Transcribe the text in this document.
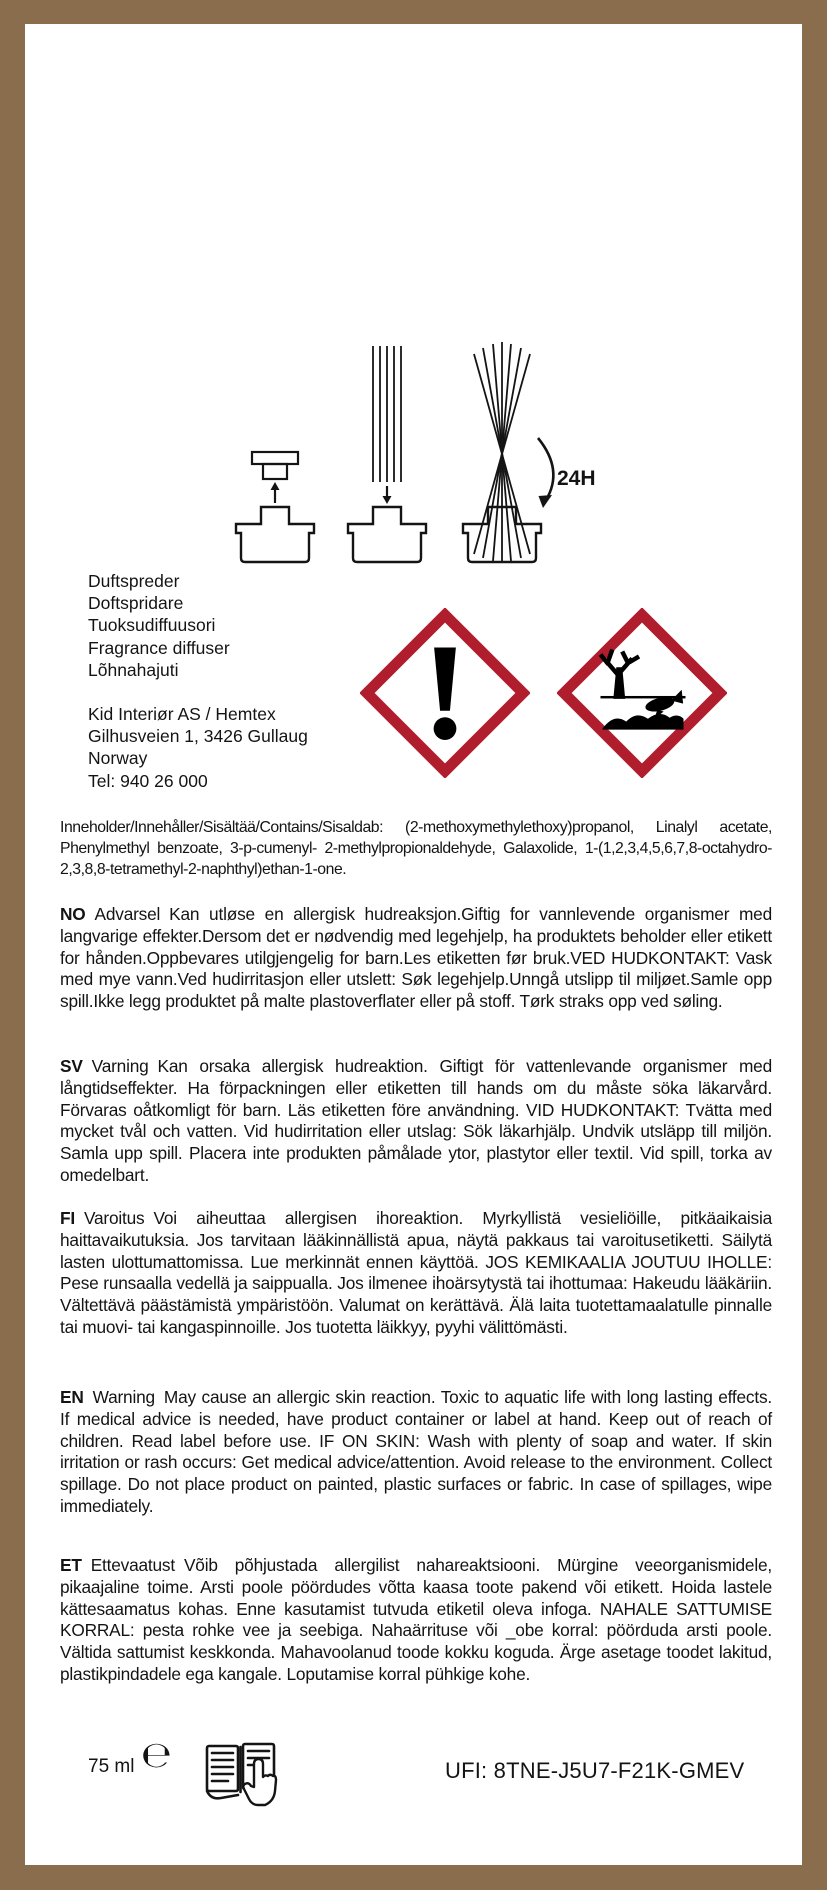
24H
Duftspreder
Doftspridare
Tuoksudiffuusori
Fragrance diffuser
Lõhnahajuti
Kid Interiør AS / Hemtex
Gilhusveien 1, 3426 Gullaug
Norway
Tel: 940 26 000

Inneholder/Innehåller/Sisältää/Contains/Sisaldab: (2-methoxymethylethoxy)propanol, Linalyl acetate, Phenylmethyl benzoate, 3-p-cumenyl- 2-methylpropionaldehyde, Galaxolide, 1-(1,2,3,4,5,6,7,8-octahydro-2,3,8,8-tetramethyl-2-naphthyl)ethan-1-one.

NO Advarsel Kan utløse en allergisk hudreaksjon.Giftig for vannlevende organismer med langvarige effekter.Dersom det er nødvendig med legehjelp, ha produktets beholder eller etikett for hånden.Oppbevares utilgjengelig for barn.Les etiketten før bruk.VED HUDKONTAKT: Vask med mye vann.Ved hudirritasjon eller utslett: Søk legehjelp.Unngå utslipp til miljøet.Samle opp spill.Ikke legg produktet på malte plastoverflater eller på stoff. Tørk straks opp ved søling.

SV Varning Kan orsaka allergisk hudreaktion. Giftigt för vattenlevande organismer med långtidseffekter. Ha förpackningen eller etiketten till hands om du måste söka läkarvård. Förvaras oåtkomligt för barn. Läs etiketten före användning. VID HUDKONTAKT: Tvätta med mycket tvål och vatten. Vid hudirritation eller utslag: Sök läkarhjälp. Undvik utsläpp till miljön. Samla upp spill. Placera inte produkten påmålade ytor, plastytor eller textil. Vid spill, torka av omedelbart.

FI Varoitus Voi aiheuttaa allergisen ihoreaktion. Myrkyllistä vesieliöille, pitkäaikaisia haittavaikutuksia. Jos tarvitaan lääkinnällistä apua, näytä pakkaus tai varoitusetiketti. Säilytä lasten ulottumattomissa. Lue merkinnät ennen käyttöä. JOS KEMIKAALIA JOUTUU IHOLLE: Pese runsaalla vedellä ja saippualla. Jos ilmenee ihoärsytystä tai ihottumaa: Hakeudu lääkäriin. Vältettävä päästämistä ympäristöön. Valumat on kerättävä. Älä laita tuotettamaalatulle pinnalle tai muovi- tai kangaspinnoille. Jos tuotetta läikkyy, pyyhi välittömästi.

EN Warning May cause an allergic skin reaction. Toxic to aquatic life with long lasting effects. If medical advice is needed, have product container or label at hand. Keep out of reach of children. Read label before use. IF ON SKIN: Wash with plenty of soap and water. If skin irritation or rash occurs: Get medical advice/attention. Avoid release to the environment. Collect spillage. Do not place product on painted, plastic surfaces or fabric. In case of spillages, wipe immediately.

ET Ettevaatust Võib põhjustada allergilist nahareaktsiooni. Mürgine veeorganismidele, pikaajaline toime. Arsti poole pöördudes võtta kaasa toote pakend või etikett. Hoida lastele kättesaamatus kohas. Enne kasutamist tutvuda etiketil oleva infoga. NAHALE SATTUMISE KORRAL: pesta rohke vee ja seebiga. Nahaärrituse või _obe korral: pöörduda arsti poole. Vältida sattumist keskkonda. Mahavoolanud toode kokku koguda. Ärge asetage toodet lakitud, plastikpindadele ega kangale. Loputamise korral pühkige kohe.

75 ml ℮	UFI: 8TNE-J5U7-F21K-GMEV
